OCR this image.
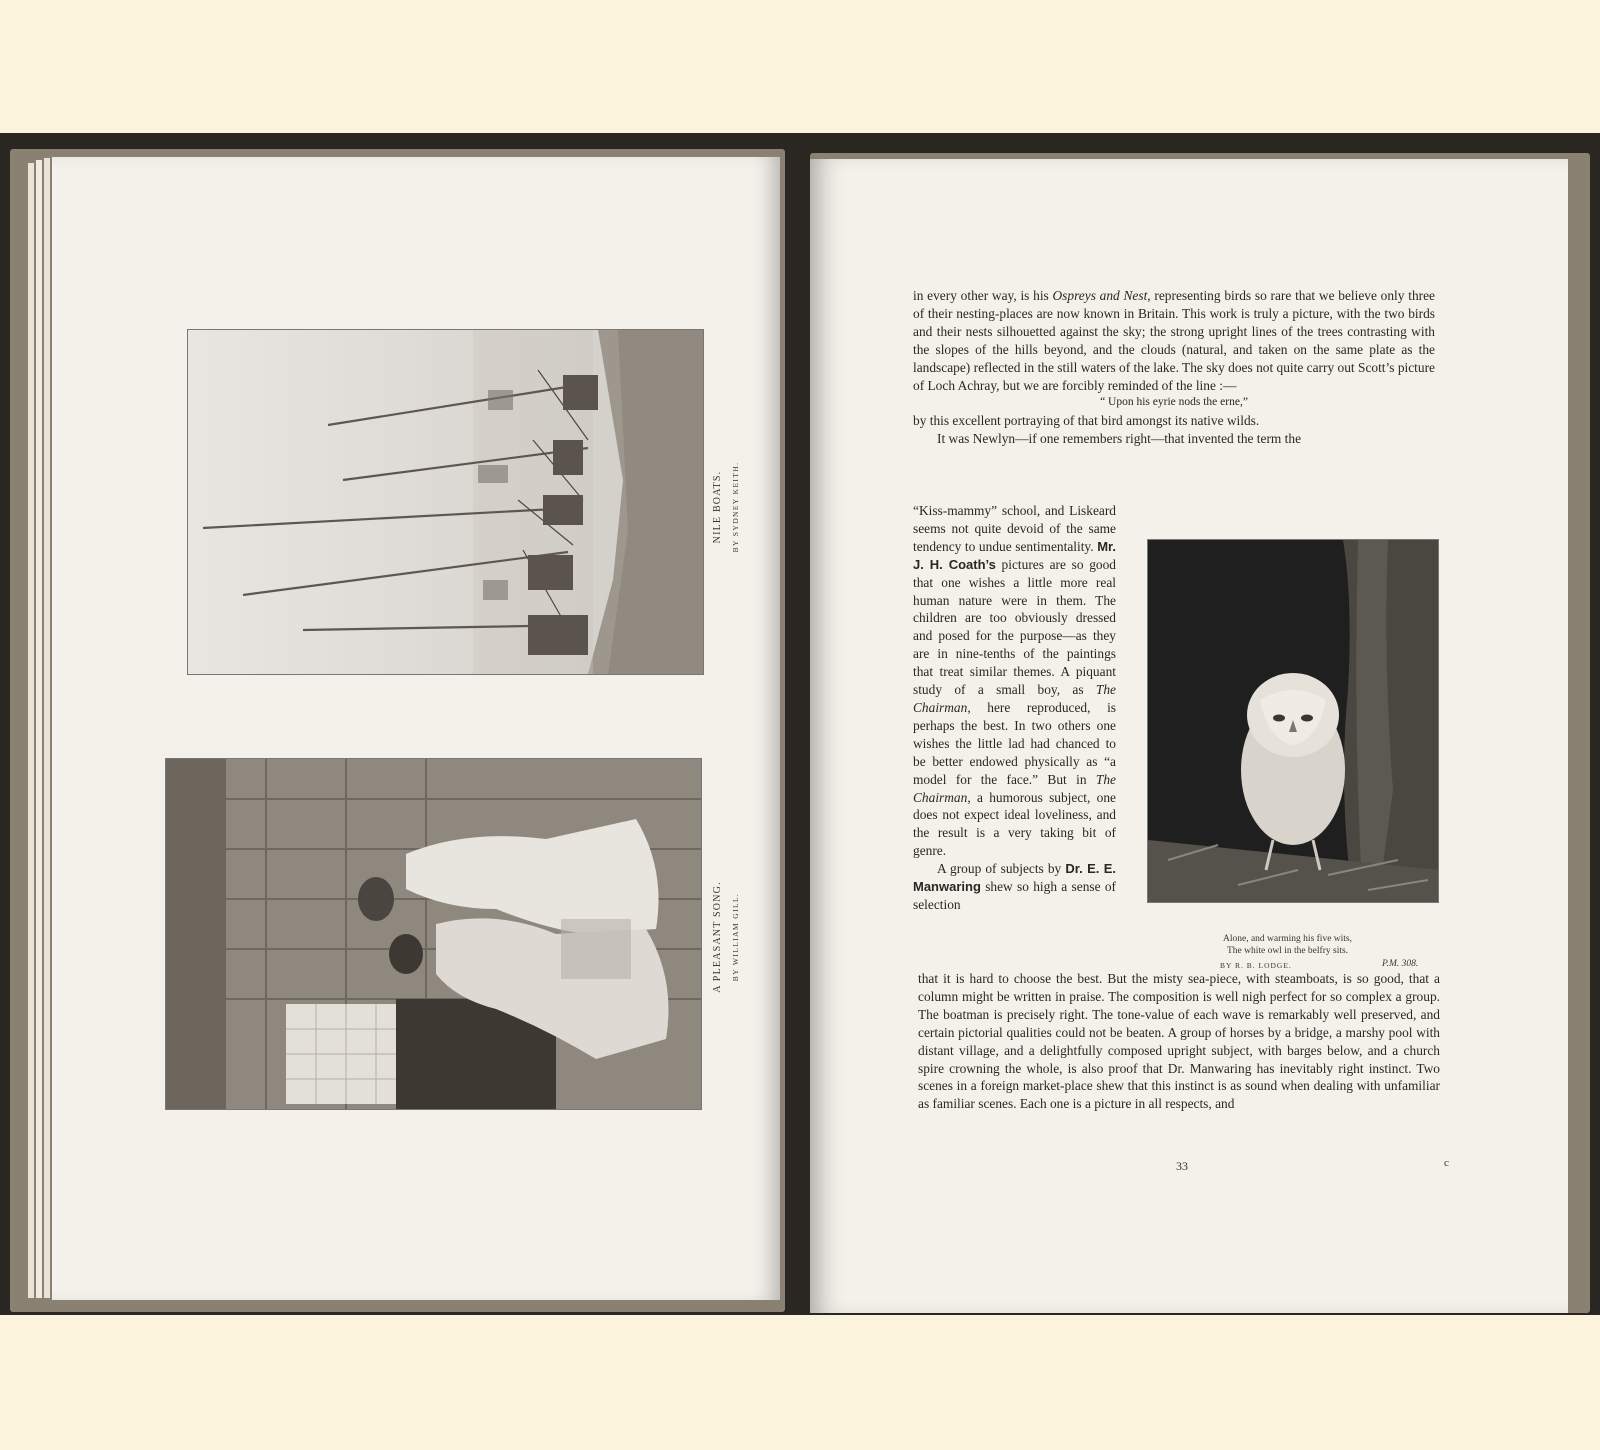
NILE BOATS. BY SYDNEY KEITH.
A PLEASANT SONG. BY WILLIAM GILL.

in every other way, is his Ospreys and Nest, representing birds so rare that we believe only three of their nesting-places are now known in Britain. This work is truly a picture, with the two birds and their nests silhouetted against the sky; the strong upright lines of the trees contrasting with the slopes of the hills beyond, and the clouds (natural, and taken on the same plate as the landscape) reflected in the still waters of the lake. The sky does not quite carry out Scott’s picture of Loch Achray, but we are forcibly reminded of the line :—

“ Upon his eyrie nods the erne,”

by this excellent portraying of that bird amongst its native wilds.

It was Newlyn—if one remembers right—that invented the term the

“Kiss-mammy” school, and Liskeard seems not quite devoid of the same tendency to undue sentimentality. Mr. J. H. Coath’s pictures are so good that one wishes a little more real human nature were in them. The children are too obviously dressed and posed for the purpose—as they are in nine-tenths of the paintings that treat similar themes. A piquant study of a small boy, as The Chairman, here reproduced, is perhaps the best. In two others one wishes the little lad had chanced to be better endowed physically as “a model for the face.” But in The Chairman, a humorous subject, one does not expect ideal loveliness, and the result is a very taking bit of genre.

A group of subjects by Dr. E. E. Manwaring shew so high a sense of selection

Alone, and warming his five wits,
The white owl in the belfry sits.
BY R. B. LODGE.	P.M. 308.

that it is hard to choose the best. But the misty sea-piece, with steamboats, is so good, that a column might be written in praise. The composition is well nigh perfect for so complex a group. The boatman is precisely right. The tone-value of each wave is remarkably well preserved, and certain pictorial qualities could not be beaten. A group of horses by a bridge, a marshy pool with distant village, and a delightfully composed upright subject, with barges below, and a church spire crowning the whole, is also proof that Dr. Manwaring has inevitably right instinct. Two scenes in a foreign market-place shew that this instinct is as sound when dealing with unfamiliar as familiar scenes. Each one is a picture in all respects, and

33	c
